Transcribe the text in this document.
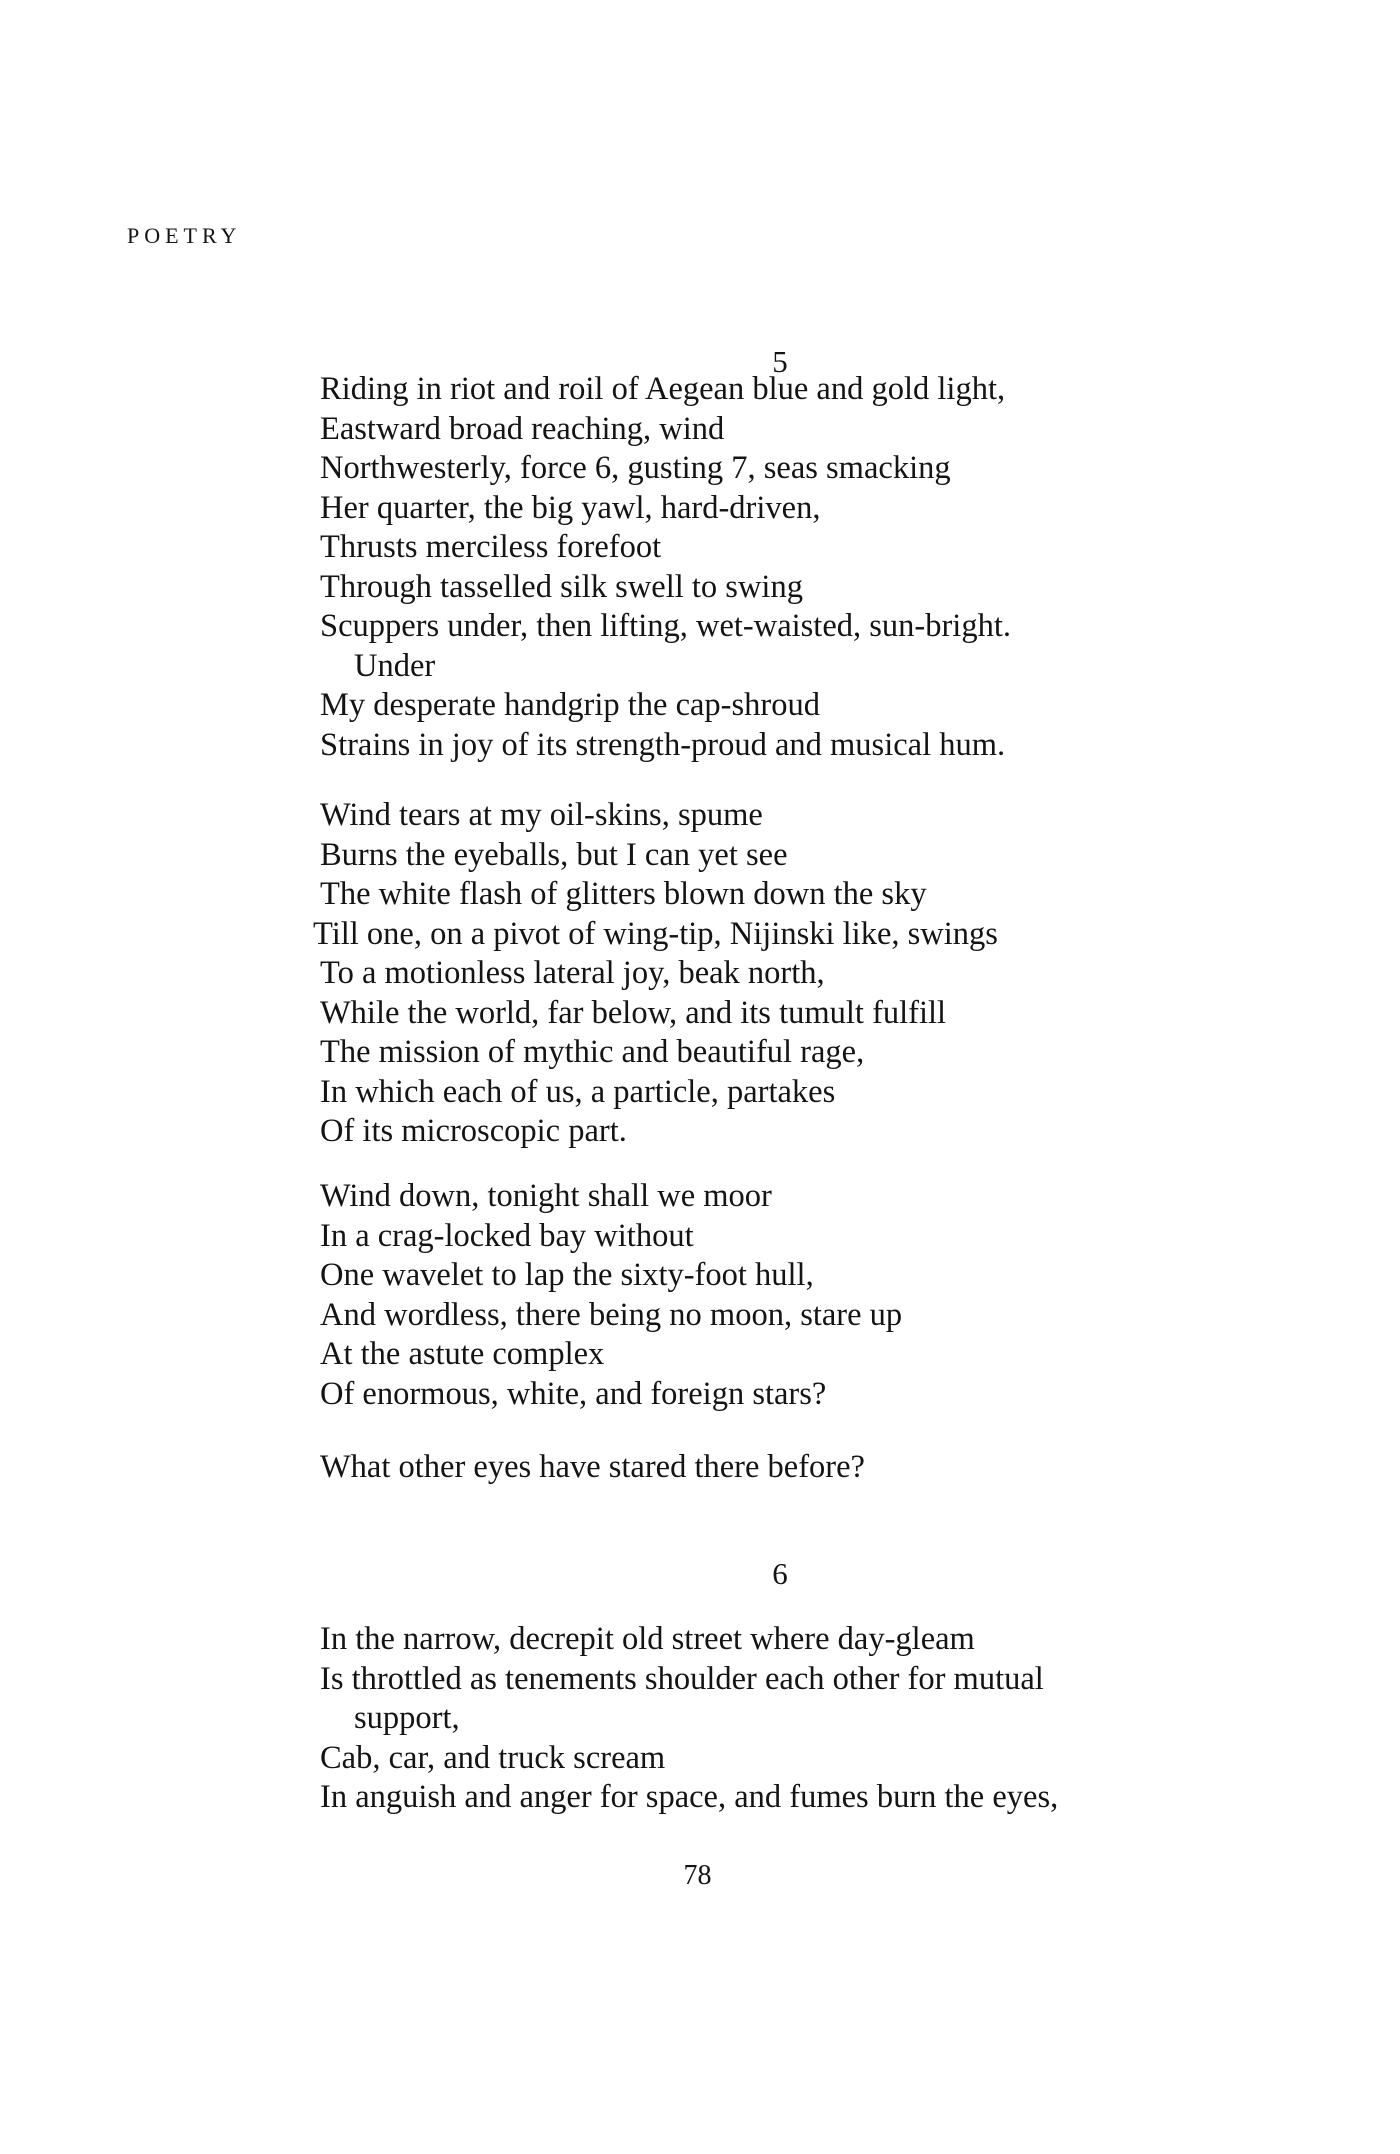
POETRY
5
Riding in riot and roil of Aegean blue and gold light,
Eastward broad reaching, wind
Northwesterly, force 6, gusting 7, seas smacking
Her quarter, the big yawl, hard-driven,
Thrusts merciless forefoot
Through tasselled silk swell to swing
Scuppers under, then lifting, wet-waisted, sun-bright.
Under
My desperate handgrip the cap-shroud
Strains in joy of its strength-proud and musical hum.
Wind tears at my oil-skins, spume
Burns the eyeballs, but I can yet see
The white flash of glitters blown down the sky
Till one, on a pivot of wing-tip, Nijinski like, swings
To a motionless lateral joy, beak north,
While the world, far below, and its tumult fulfill
The mission of mythic and beautiful rage,
In which each of us, a particle, partakes
Of its microscopic part.
Wind down, tonight shall we moor
In a crag-locked bay without
One wavelet to lap the sixty-foot hull,
And wordless, there being no moon, stare up
At the astute complex
Of enormous, white, and foreign stars?
What other eyes have stared there before?
6
In the narrow, decrepit old street where day-gleam
Is throttled as tenements shoulder each other for mutual
support,
Cab, car, and truck scream
In anguish and anger for space, and fumes burn the eyes,
78
